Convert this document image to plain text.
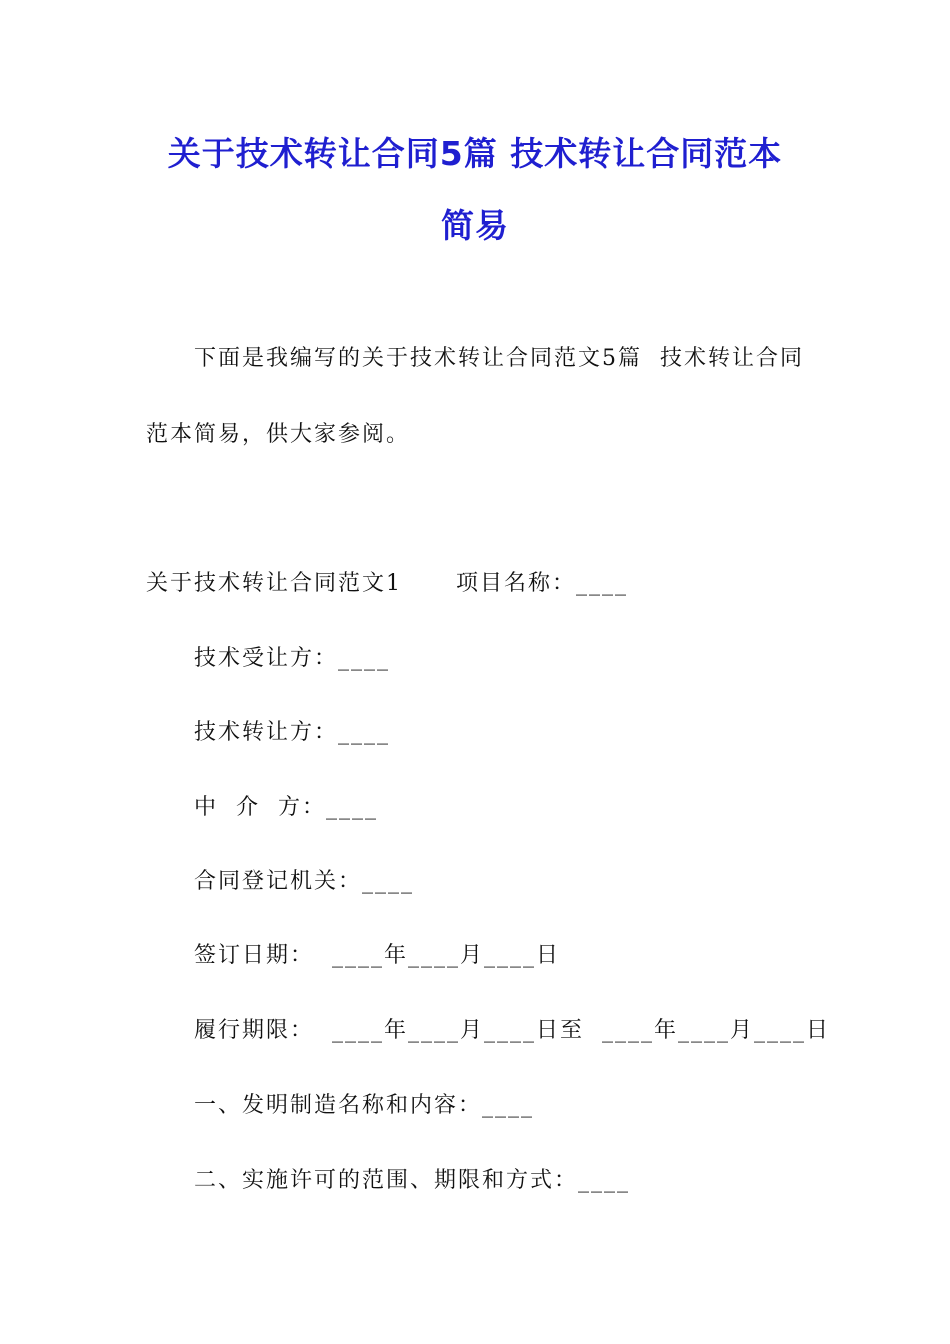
关于技术转让合同5篇 技术转让合同范本
简易
下面是我编写的关于技术转让合同范文5篇  技术转让合同
范本简易，供大家参阅。
关于技术转让合同范文1      项目名称：____
技术受让方：____
技术转让方：____
中  介  方：____
合同登记机关：____
签订日期：  ____年____月____日
履行期限：  ____年____月____日至  ____年____月____日
一、发明制造名称和内容：____
二、实施许可的范围、期限和方式：____
